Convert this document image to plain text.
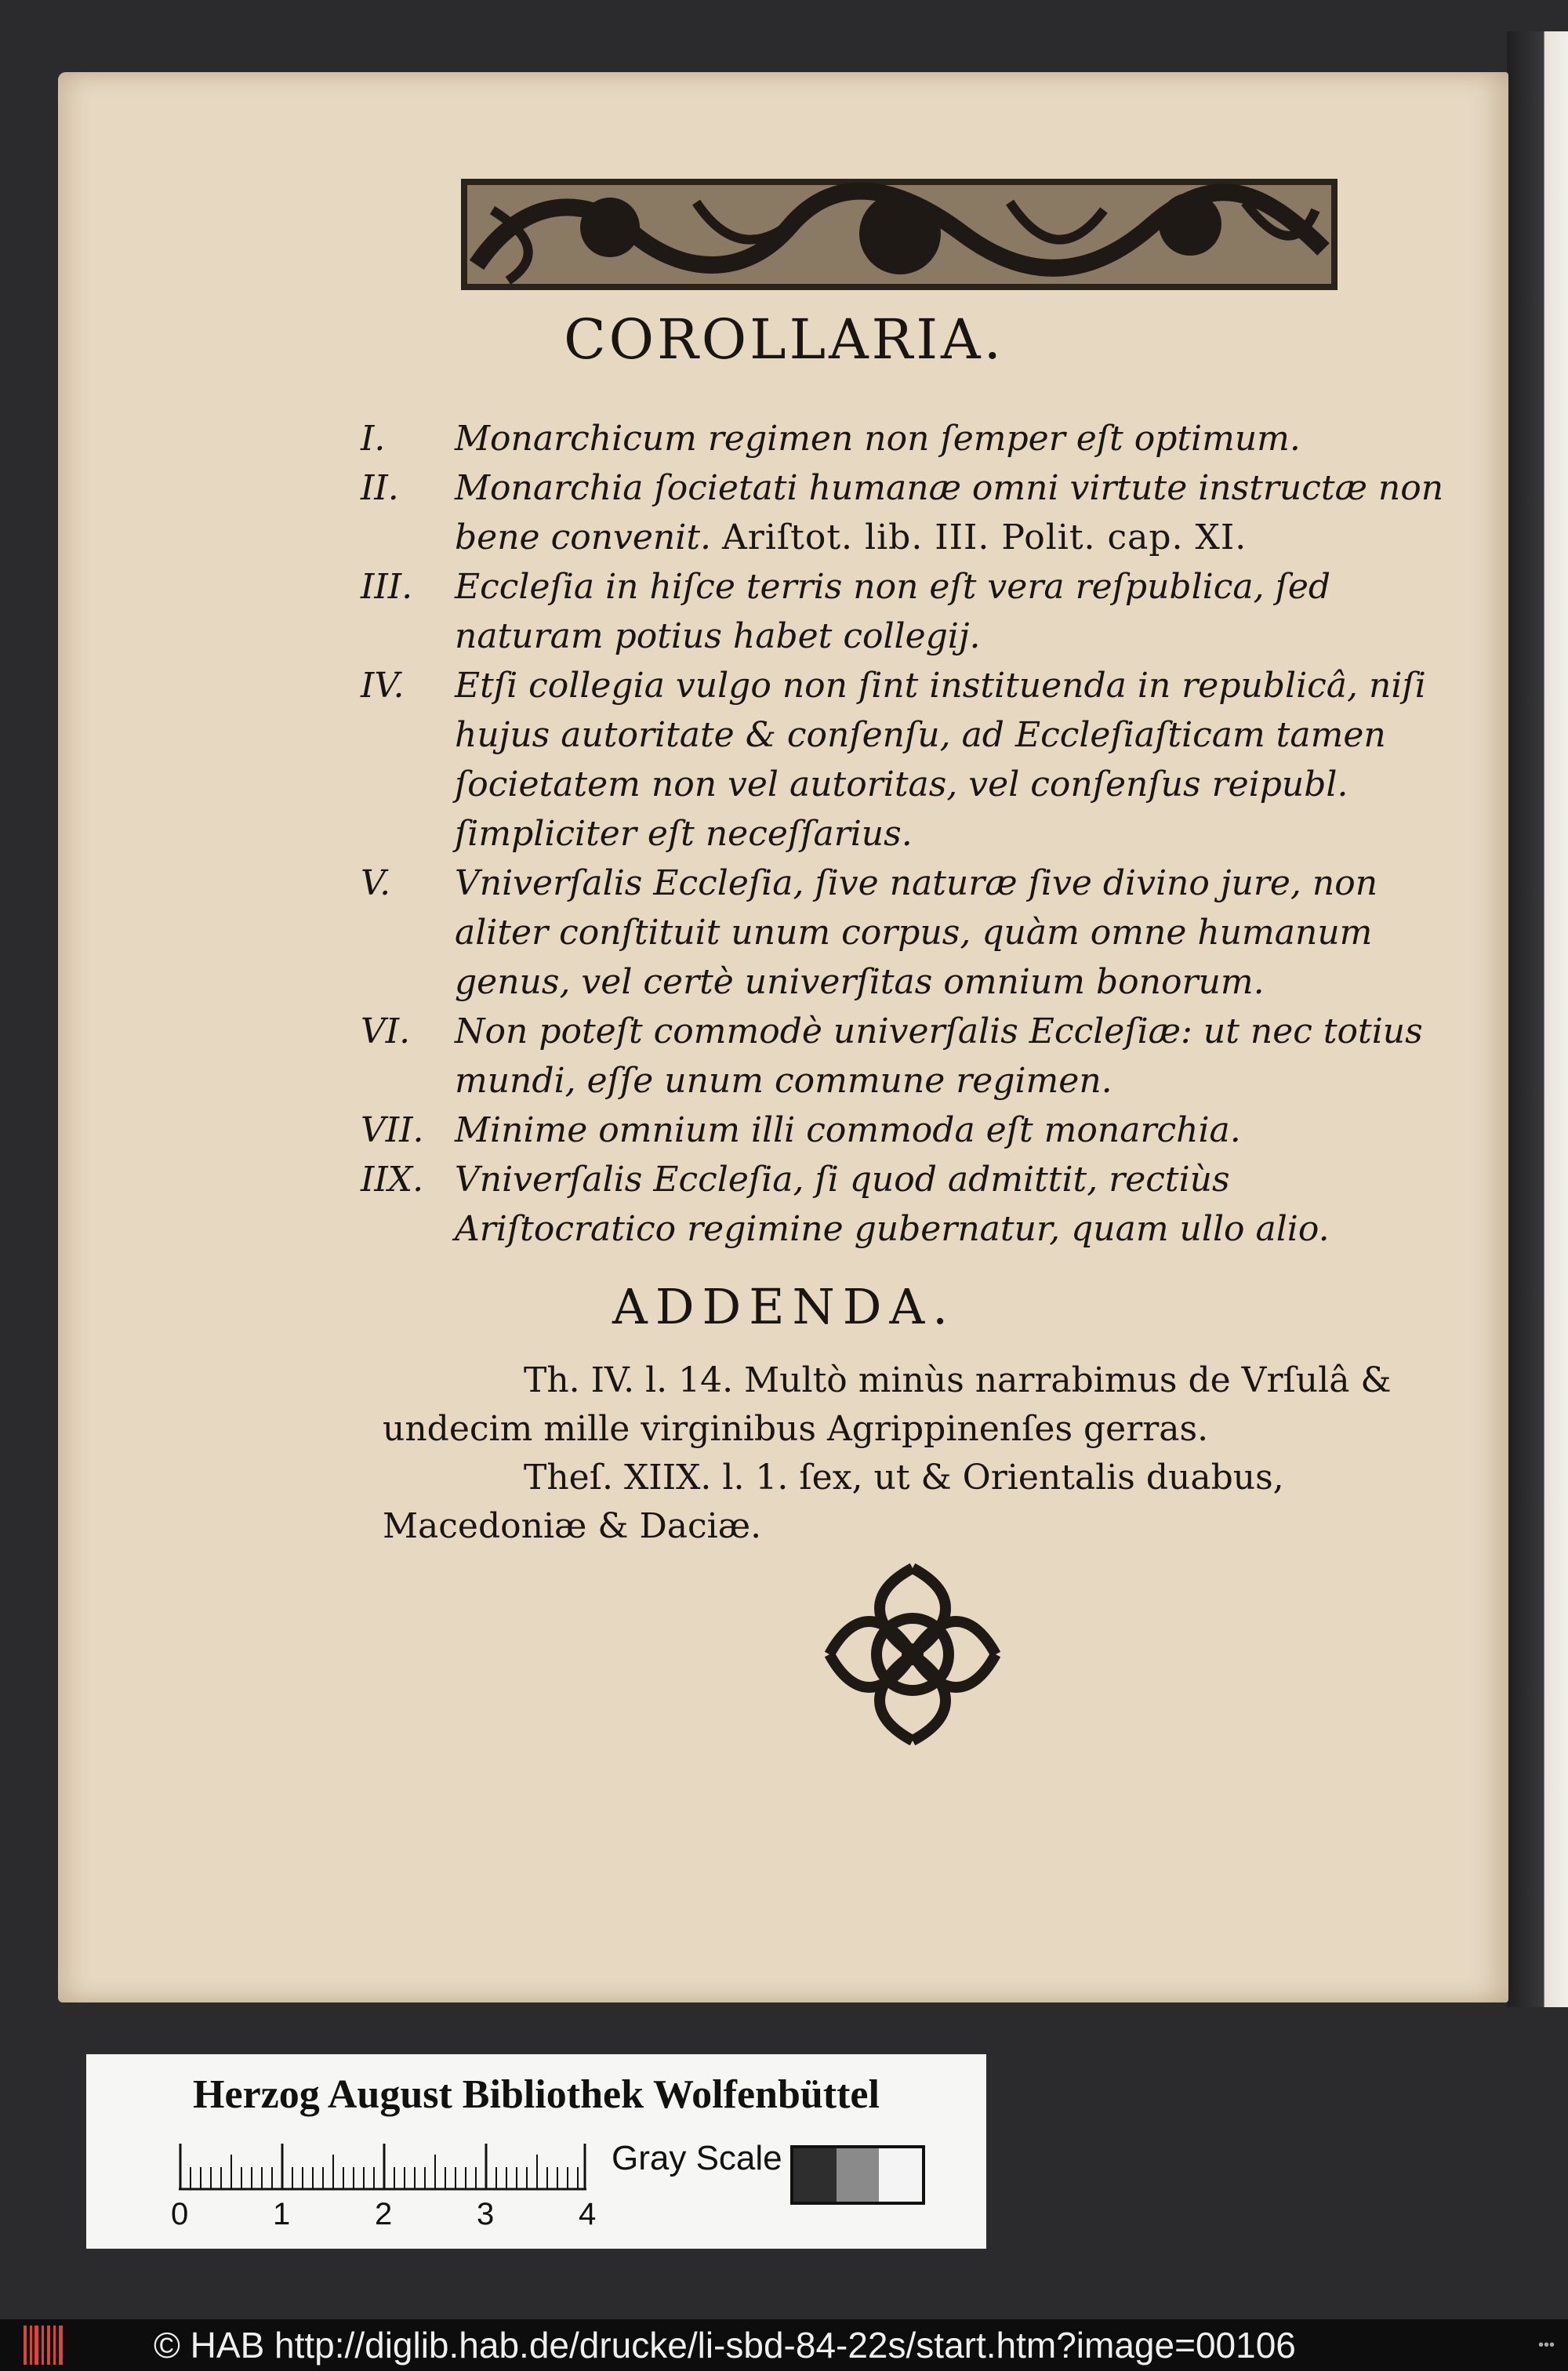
COROLLARIA.
I.	Monarchicum regimen non ſemper eſt optimum.
II.	Monarchia ſocietati humanæ omni virtute instructæ non bene convenit. Ariſtot. lib. III. Polit. cap. XI.
III.	Eccleſia in hiſce terris non eſt vera reſpublica, ſed naturam potius habet collegij.
IV.	Etſi collegia vulgo non ſint instituenda in republicâ, niſi hujus autoritate & conſenſu, ad Eccleſiaſticam tamen ſocietatem non vel autoritas, vel conſenſus reipubl. ſimpliciter eſt neceſſarius.
V.	Vniverſalis Eccleſia, ſive naturæ ſive divino jure, non aliter conſtituit unum corpus, quàm omne humanum genus, vel certè univerſitas omnium bonorum.
VI.	Non poteſt commodè univerſalis Eccleſiæ: ut nec totius mundi, eſſe unum commune regimen.
VII. Minime omnium illi commoda eſt monarchia.
IIX. Vniverſalis Eccleſia, ſi quod admittit, rectiùs Ariſtocratico regimine gubernatur, quam ullo alio.
ADDENDA.

Th. IV. l. 14. Multò minùs narrabimus de Vrſulâ & undecim mille virginibus Agrippinenſes gerras.

Theſ. XIIX. l. 1. ſex, ut & Orientalis duabus, Macedoniæ & Daciæ.

Herzog August Bibliothek Wolfenbüttel
0	1	2	3	4
Gray Scale
© HAB http://diglib.hab.de/drucke/li-sbd-84-22s/start.htm?image=00106	•••
